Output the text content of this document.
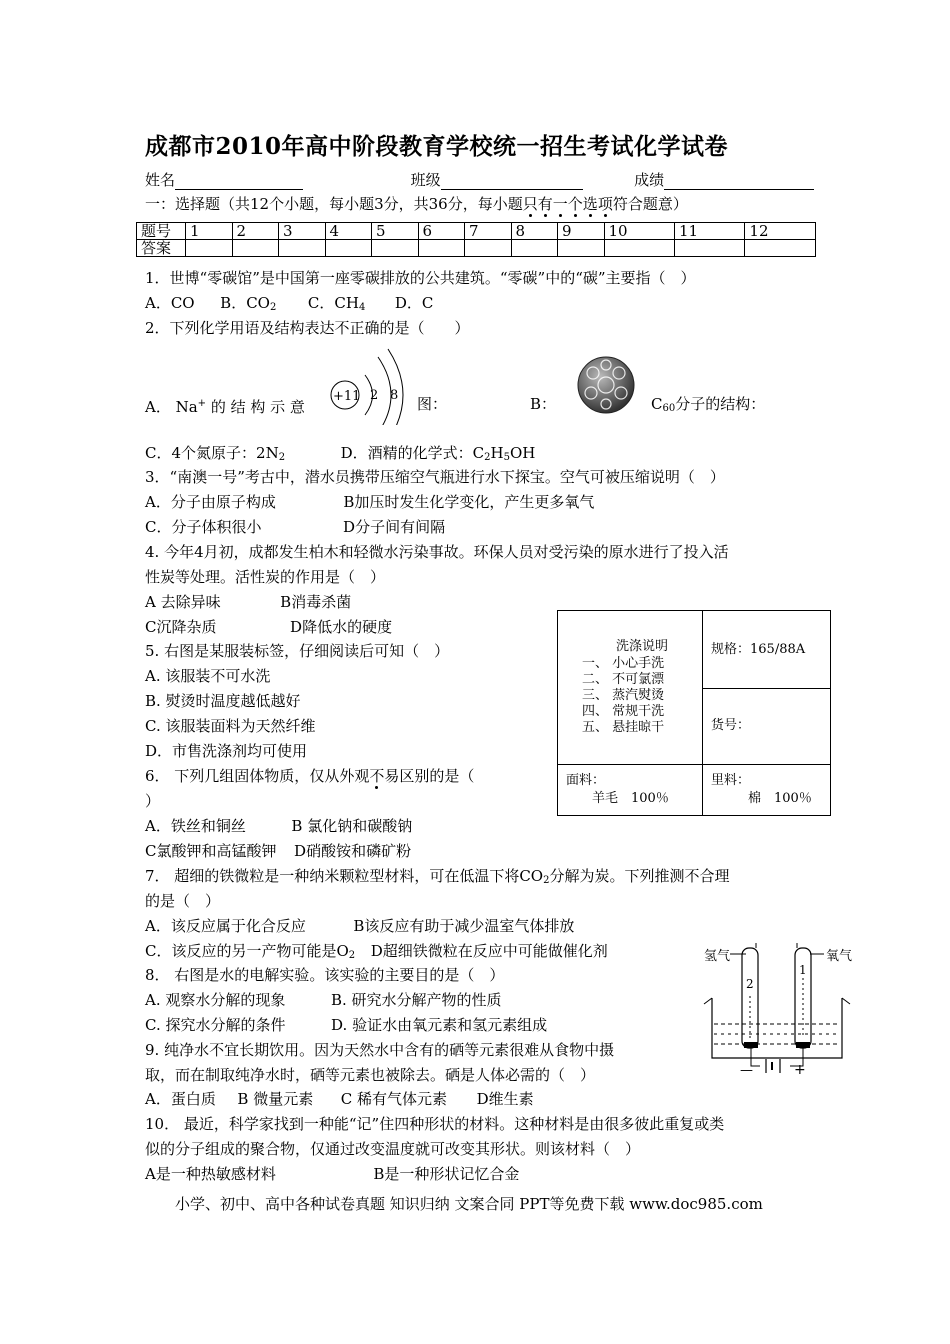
成都市2010年高中阶段教育学校统一招生考试化学试卷
姓名	班级	成绩
一：选择题（共12个小题，每小题3分，共36分，每小题只有一个选项符合题意）
题号	1	2	3	4	5	6	7	8	9	10	11	12
答案												
1．世博“零碳馆”是中国第一座零碳排放的公共建筑。“零碳”中的“碳”主要指（　）
A．CO B．$CO_2$ C．$CH_4$ D．C
2．下列化学用语及结构表达不正确的是（　　）
A． Na+ 的 结 构 示 意
+11 2 8 图：	B：	$C_{60}$分子的结构：
C．4个氮原子：$2N_2$	D．酒精的化学式：$C_2H_5OH$
3．“南澳一号”考古中，潜水员携带压缩空气瓶进行水下探宝。空气可被压缩说明（　）
A．分子由原子构成	B加压时发生化学变化，产生更多氧气
C．分子体积很小	D分子间有间隔
4. 今年4月初，成都发生柏木和轻微水污染事故。环保人员对受污染的原水进行了投入活
性炭等处理。活性炭的作用是（　）
A 去除异味	B消毒杀菌
C沉降杂质	D降低水的硬度
5. 右图是某服装标签，仔细阅读后可知（　）
A. 该服装不可水洗
B. 熨烫时温度越低越好
C. 该服装面料为天然纤维
D．市售洗涤剂均可使用
洗涤说明
一、 小心手洗
二、 不可氯漂
三、 蒸汽熨烫
四、 常规干洗
五、 悬挂晾干
规格：165/88A
货号：
面料：
羊毛　100％
里料：
棉　100％
6． 下列几组固体物质，仅从外观不易区别的是（
）
A．铁丝和铜丝	B 氯化钠和碳酸钠
C氯酸钾和高锰酸钾 D硝酸铵和磷矿粉
7． 超细的铁微粒是一种纳米颗粒型材料，可在低温下将$CO_2$分解为炭。下列推测不合理
的是（　）
A．该反应属于化合反应	B该反应有助于减少温室气体排放
C．该反应的另一产物可能是$O_2$ D超细铁微粒在反应中可能做催化剂
8． 右图是水的电解实验。该实验的主要目的是（　）
A. 观察水分解的现象	B. 研究水分解产物的性质
C. 探究水分解的条件	D. 验证水由氧元素和氢元素组成
氢气	氧气
2
1
—	+
9. 纯净水不宜长期饮用。因为天然水中含有的硒等元素很难从食物中摄
取，而在制取纯净水时，硒等元素也被除去。硒是人体必需的（　）
A．蛋白质 B 微量元素 C 稀有气体元素 D维生素
10． 最近，科学家找到一种能“记”住四种形状的材料。这种材料是由很多彼此重复或类
似的分子组成的聚合物，仅通过改变温度就可改变其形状。则该材料（　）
A是一种热敏感材料	B是一种形状记忆合金
小学、初中、高中各种试卷真题 知识归纳 文案合同 PPT等免费下载 www.doc985.com
